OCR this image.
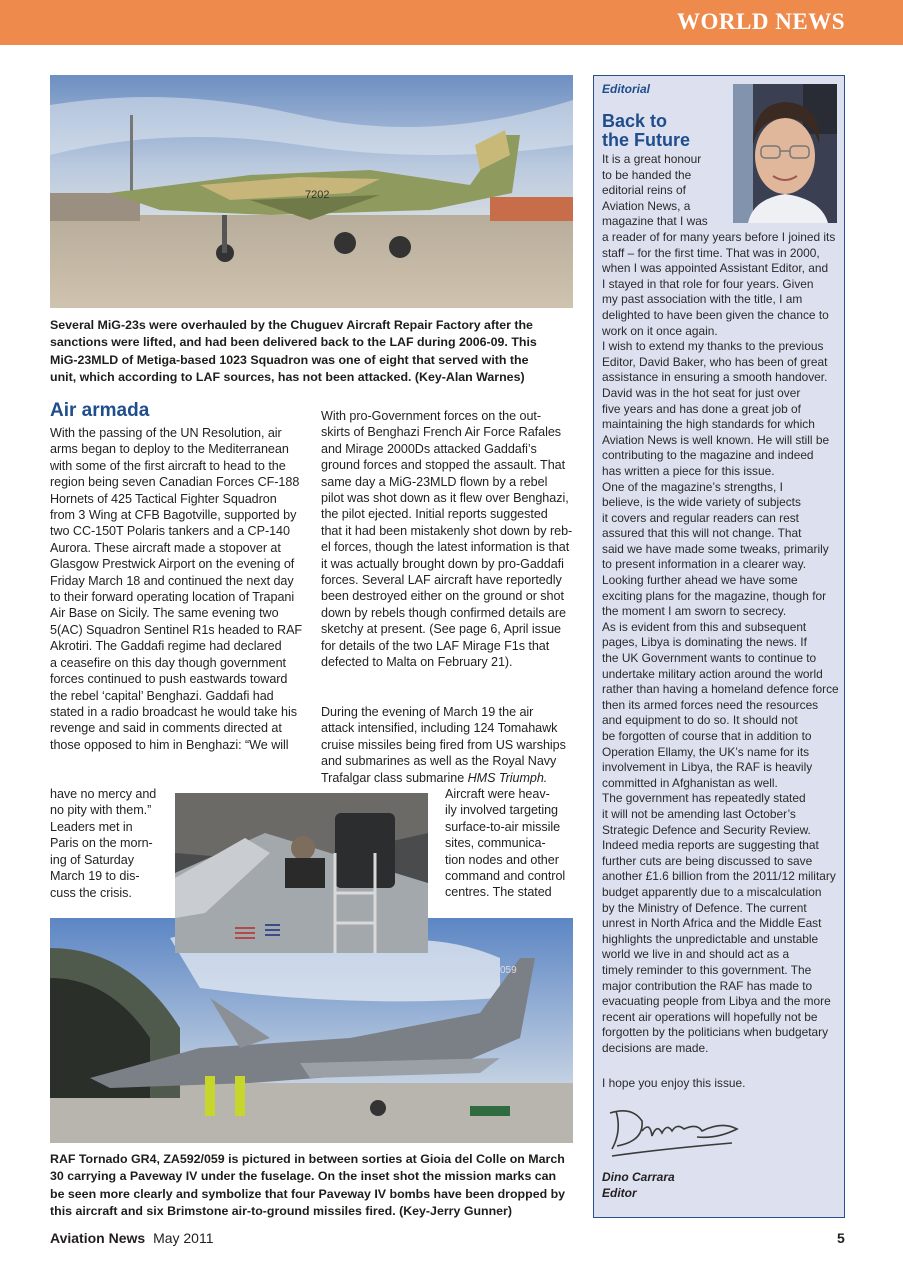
WORLD NEWS
7202
Several MiG-23s were overhauled by the Chuguev Aircraft Repair Factory after the
sanctions were lifted, and had been delivered back to the LAF during 2006-09. This
MiG-23MLD of Metiga-based 1023 Squadron was one of eight that served with the
unit, which according to LAF sources, has not been attacked. (Key-Alan Warnes)
Air armada
With the passing of the UN Resolution, air
arms began to deploy to the Mediterranean
with some of the first aircraft to head to the
region being seven Canadian Forces CF-188
Hornets of 425 Tactical Fighter Squadron
from 3 Wing at CFB Bagotville, supported by
two CC-150T Polaris tankers and a CP-140
Aurora. These aircraft made a stopover at
Glasgow Prestwick Airport on the evening of
Friday March 18 and continued the next day
to their forward operating location of Trapani
Air Base on Sicily. The same evening two
5(AC) Squadron Sentinel R1s headed to RAF
Akrotiri. The Gaddafi regime had declared
a ceasefire on this day though government
forces continued to push eastwards toward
the rebel ‘capital’ Benghazi. Gaddafi had
stated in a radio broadcast he would take his
revenge and said in comments directed at
those opposed to him in Benghazi: “We will
have no mercy and
no pity with them.”
Leaders met in
Paris on the morn-
ing of Saturday
March 19 to dis-
cuss the crisis.
With pro-Government forces on the out-
skirts of Benghazi French Air Force Rafales
and Mirage 2000Ds attacked Gaddafi’s
ground forces and stopped the assault. That
same day a MiG-23MLD flown by a rebel
pilot was shot down as it flew over Benghazi,
the pilot ejected. Initial reports suggested
that it had been mistakenly shot down by reb-
el forces, though the latest information is that
it was actually brought down by pro-Gaddafi
forces. Several LAF aircraft have reportedly
been destroyed either on the ground or shot
down by rebels though confirmed details are
sketchy at present. (See page 6, April issue
for details of the two LAF Mirage F1s that
defected to Malta on February 21).
During the evening of March 19 the air
attack intensified, including 124 Tomahawk
cruise missiles being fired from US warships
and submarines as well as the Royal Navy
Trafalgar class submarine HMS Triumph.
Aircraft were heav-
ily involved targeting
surface-to-air missile
sites, communica-
tion nodes and other
command and control
centres. The stated
059
RAF Tornado GR4, ZA592/059 is pictured in between sorties at Gioia del Colle on March
30 carrying a Paveway IV under the fuselage. On the inset shot the mission marks can
be seen more clearly and symbolize that four Paveway IV bombs have been dropped by
this aircraft and six Brimstone air-to-ground missiles fired. (Key-Jerry Gunner)
Editorial
Back to
the Future
It is a great honour
to be handed the
editorial reins of
Aviation News, a
magazine that I was
a reader of for many years before I joined its
staff – for the first time. That was in 2000,
when I was appointed Assistant Editor, and
I stayed in that role for four years. Given
my past association with the title, I am
delighted to have been given the chance to
work on it once again.
I wish to extend my thanks to the previous
Editor, David Baker, who has been of great
assistance in ensuring a smooth handover.
David was in the hot seat for just over
five years and has done a great job of
maintaining the high standards for which
Aviation News is well known. He will still be
contributing to the magazine and indeed
has written a piece for this issue.
One of the magazine’s strengths, I
believe, is the wide variety of subjects
it covers and regular readers can rest
assured that this will not change. That
said we have made some tweaks, primarily
to present information in a clearer way.
Looking further ahead we have some
exciting plans for the magazine, though for
the moment I am sworn to secrecy.
As is evident from this and subsequent
pages, Libya is dominating the news. If
the UK Government wants to continue to
undertake military action around the world
rather than having a homeland defence force
then its armed forces need the resources
and equipment to do so. It should not
be forgotten of course that in addition to
Operation Ellamy, the UK’s name for its
involvement in Libya, the RAF is heavily
committed in Afghanistan as well.
The government has repeatedly stated
it will not be amending last October’s
Strategic Defence and Security Review.
Indeed media reports are suggesting that
further cuts are being discussed to save
another £1.6 billion from the 2011/12 military
budget apparently due to a miscalculation
by the Ministry of Defence. The current
unrest in North Africa and the Middle East
highlights the unpredictable and unstable
world we live in and should act as a
timely reminder to this government. The
major contribution the RAF has made to
evacuating people from Libya and the more
recent air operations will hopefully not be
forgotten by the politicians when budgetary
decisions are made.
I hope you enjoy this issue.
Dino Carrara
Editor
Aviation News May 2011	5
